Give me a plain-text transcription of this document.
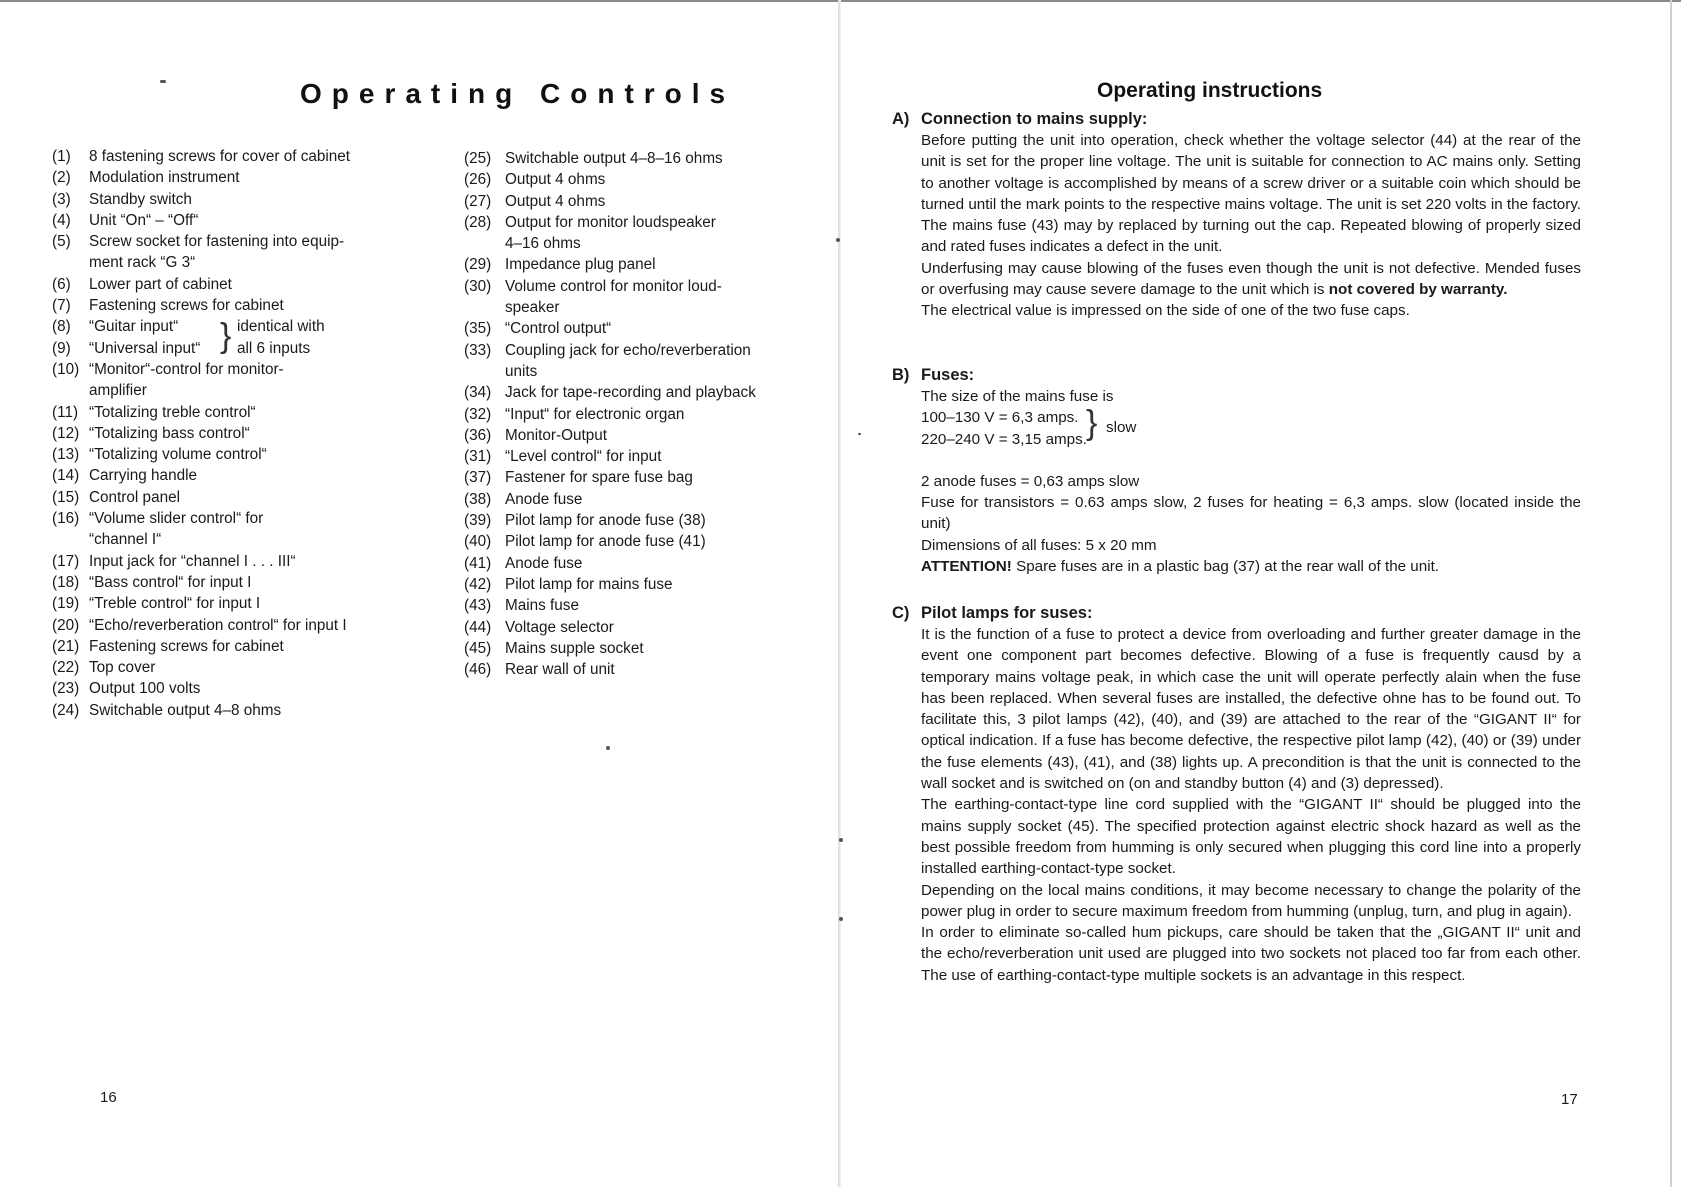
Operating Controls
(1) 8 fastening screws for cover of cabinet
(2) Modulation instrument
(3) Standby switch
(4) Unit “On“ – “Off“
(5) Screw socket for fastening into equip-
ment rack “G 3“
(6) Lower part of cabinet
(7) Fastening screws for cabinet
(8) “Guitar input“	identical with
(9) “Universal input“ all 6 inputs
}
(10) “Monitor“-control for monitor-
amplifier
(11) “Totalizing treble control“
(12) “Totalizing bass control“
(13) “Totalizing volume control“
(14) Carrying handle
(15) Control panel
(16) “Volume slider control“ for
“channel I“
(17) Input jack for “channel I . . . III“
(18) “Bass control“ for input I
(19) “Treble control“ for input I
(20) “Echo/reverberation control“ for input I
(21) Fastening screws for cabinet
(22) Top cover
(23) Output 100 volts
(24) Switchable output 4–8 ohms
(25) Switchable output 4–8–16 ohms
(26) Output 4 ohms
(27) Output 4 ohms
(28) Output for monitor loudspeaker
4–16 ohms
(29) Impedance plug panel
(30) Volume control for monitor loud-
speaker
(35) “Control output“
(33) Coupling jack for echo/reverberation
units
(34) Jack for tape-recording and playback
(32) “Input“ for electronic organ
(36) Monitor-Output
(31) “Level control“ for input
(37) Fastener for spare fuse bag
(38) Anode fuse
(39) Pilot lamp for anode fuse (38)
(40) Pilot lamp for anode fuse (41)
(41) Anode fuse
(42) Pilot lamp for mains fuse
(43) Mains fuse
(44) Voltage selector
(45) Mains supple socket
(46) Rear wall of unit
16
Operating instructions
A) Connection to mains supply:

Before putting the unit into operation, check whether the voltage selector (44) at the rear of the unit is set for the proper line voltage. The unit is suitable for connection to AC mains only. Setting to another voltage is accomplished by means of a screw driver or a suitable coin which should be turned until the mark points to the respective mains voltage. The unit is set 220 volts in the factory. The mains fuse (43) may by replaced by turning out the cap. Repeated blowing of properly sized and rated fuses indicates a defect in the unit.

Underfusing may cause blowing of the fuses even though the unit is not defective. Mended fuses or overfusing may cause severe damage to the unit which is not covered by warranty.

The electrical value is impressed on the side of one of the two fuse caps.

B) Fuses:

The size of the mains fuse is

100–130 V = 6,3 amps.

220–240 V = 3,15 amps. } slow

2 anode fuses = 0,63 amps slow

Fuse for transistors = 0.63 amps slow, 2 fuses for heating = 6,3 amps. slow (located inside the unit)

Dimensions of all fuses: 5 x 20 mm

ATTENTION! Spare fuses are in a plastic bag (37) at the rear wall of the unit.

C) Pilot lamps for suses:

It is the function of a fuse to protect a device from overloading and further greater damage in the event one component part becomes defective. Blowing of a fuse is frequently causd by a temporary mains voltage peak, in which case the unit will operate perfectly alain when the fuse has been replaced. When several fuses are installed, the defective ohne has to be found out. To facilitate this, 3 pilot lamps (42), (40), and (39) are attached to the rear of the “GIGANT II“ for optical indication. If a fuse has become defective, the respective pilot lamp (42), (40) or (39) under the fuse elements (43), (41), and (38) lights up. A precondition is that the unit is connected to the wall socket and is switched on (on and standby button (4) and (3) depressed).

The earthing-contact-type line cord supplied with the “GIGANT II“ should be plugged into the mains supply socket (45). The specified protection against electric shock hazard as well as the best possible freedom from humming is only secured when plugging this cord line into a properly installed earthing-contact-type socket.

Depending on the local mains conditions, it may become necessary to change the polarity of the power plug in order to secure maximum freedom from humming (unplug, turn, and plug in again).

In order to eliminate so-called hum pickups, care should be taken that the „GIGANT II“ unit and the echo/reverberation unit used are plugged into two sockets not placed too far from each other. The use of earthing-contact-type multiple sockets is an advantage in this respect.

17
